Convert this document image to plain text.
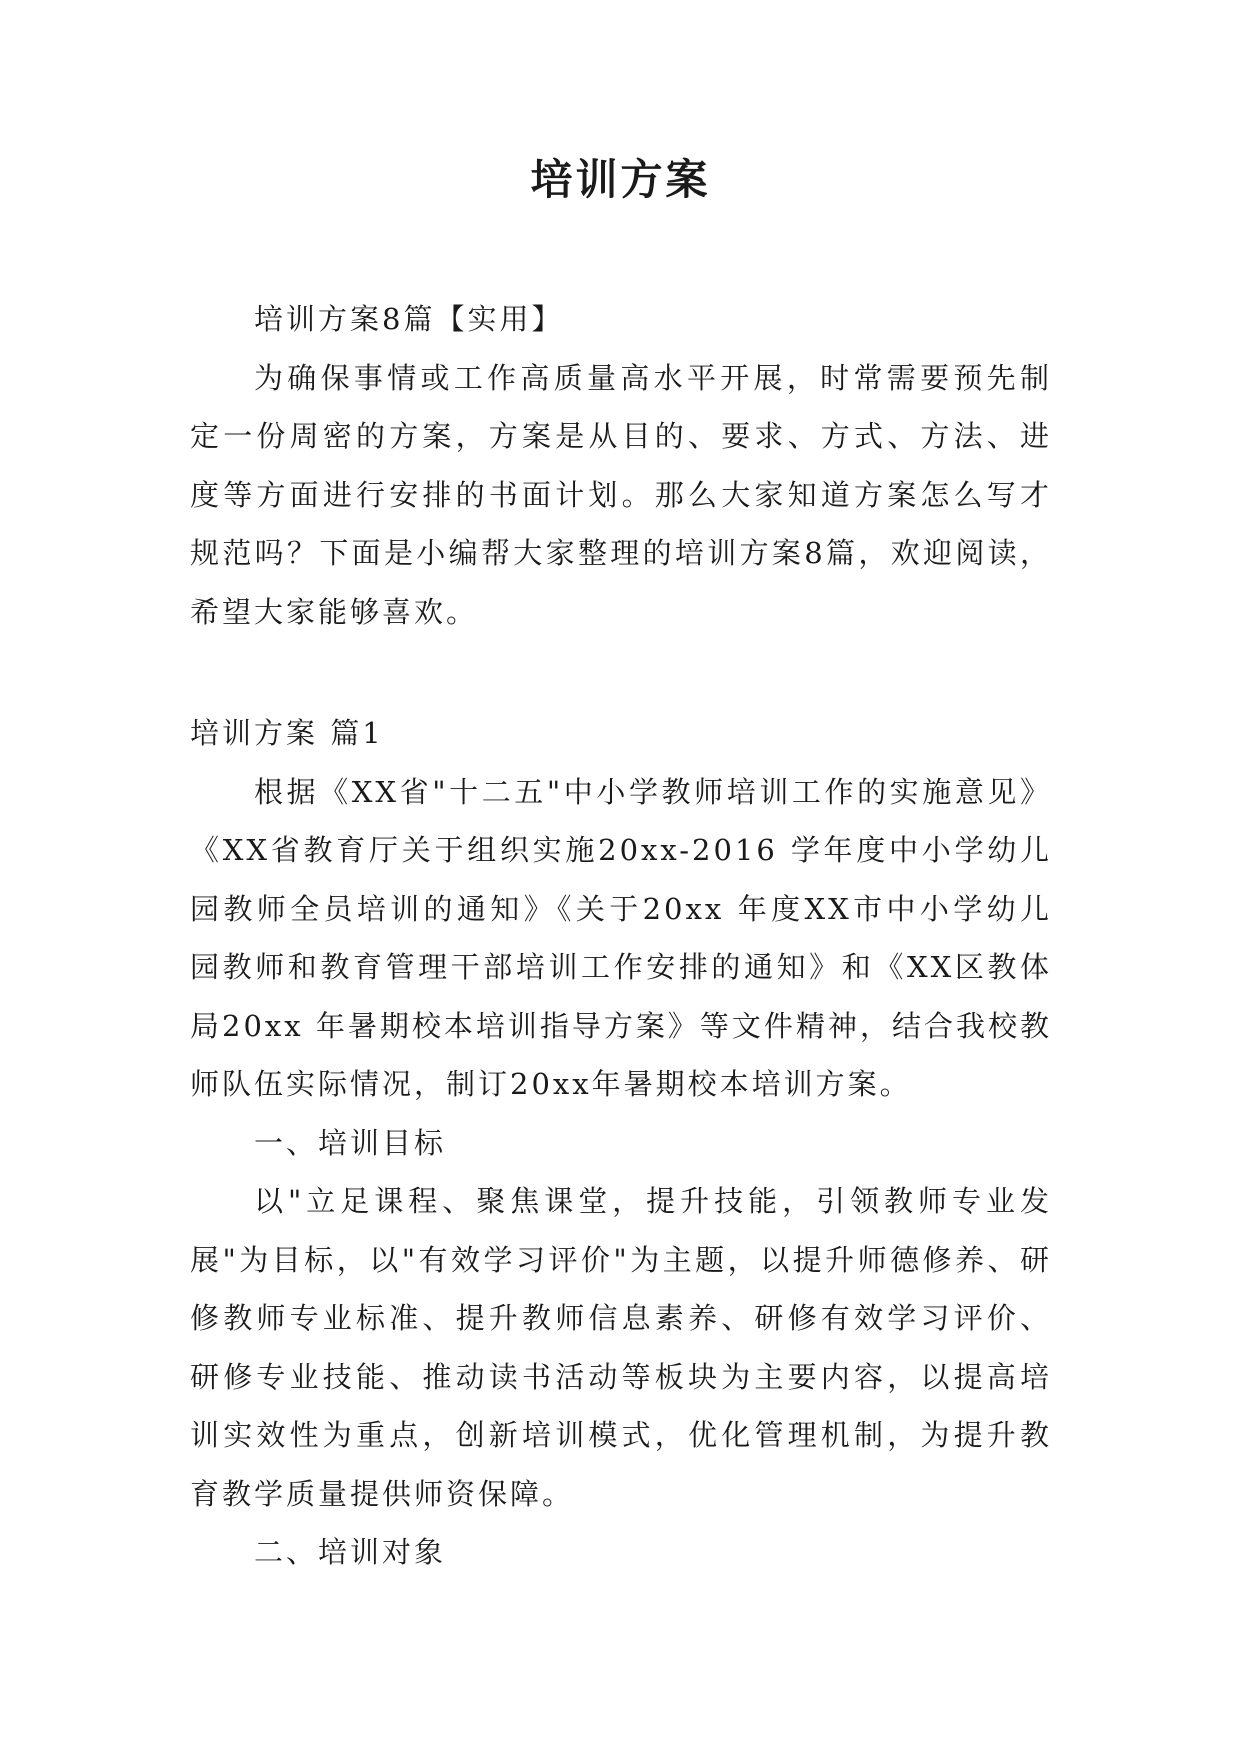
培训方案

培训方案8篇【实用】

为确保事情或工作高质量高水平开展，时常需要预先制定一份周密的方案，方案是从目的、要求、方式、方法、进度等方面进行安排的书面计划。那么大家知道方案怎么写才规范吗？下面是小编帮大家整理的培训方案8篇，欢迎阅读，希望大家能够喜欢。

培训方案 篇1

根据《XX省"十二五"中小学教师培训工作的实施意见》《XX省教育厅关于组织实施20xx-2016 学年度中小学幼儿园教师全员培训的通知》《关于20xx 年度XX市中小学幼儿园教师和教育管理干部培训工作安排的通知》和《XX区教体局20xx 年暑期校本培训指导方案》等文件精神，结合我校教师队伍实际情况，制订20xx年暑期校本培训方案。

一、培训目标

以"立足课程、聚焦课堂，提升技能，引领教师专业发展"为目标，以"有效学习评价"为主题，以提升师德修养、研修教师专业标准、提升教师信息素养、研修有效学习评价、研修专业技能、推动读书活动等板块为主要内容，以提高培训实效性为重点，创新培训模式，优化管理机制，为提升教育教学质量提供师资保障。

二、培训对象
